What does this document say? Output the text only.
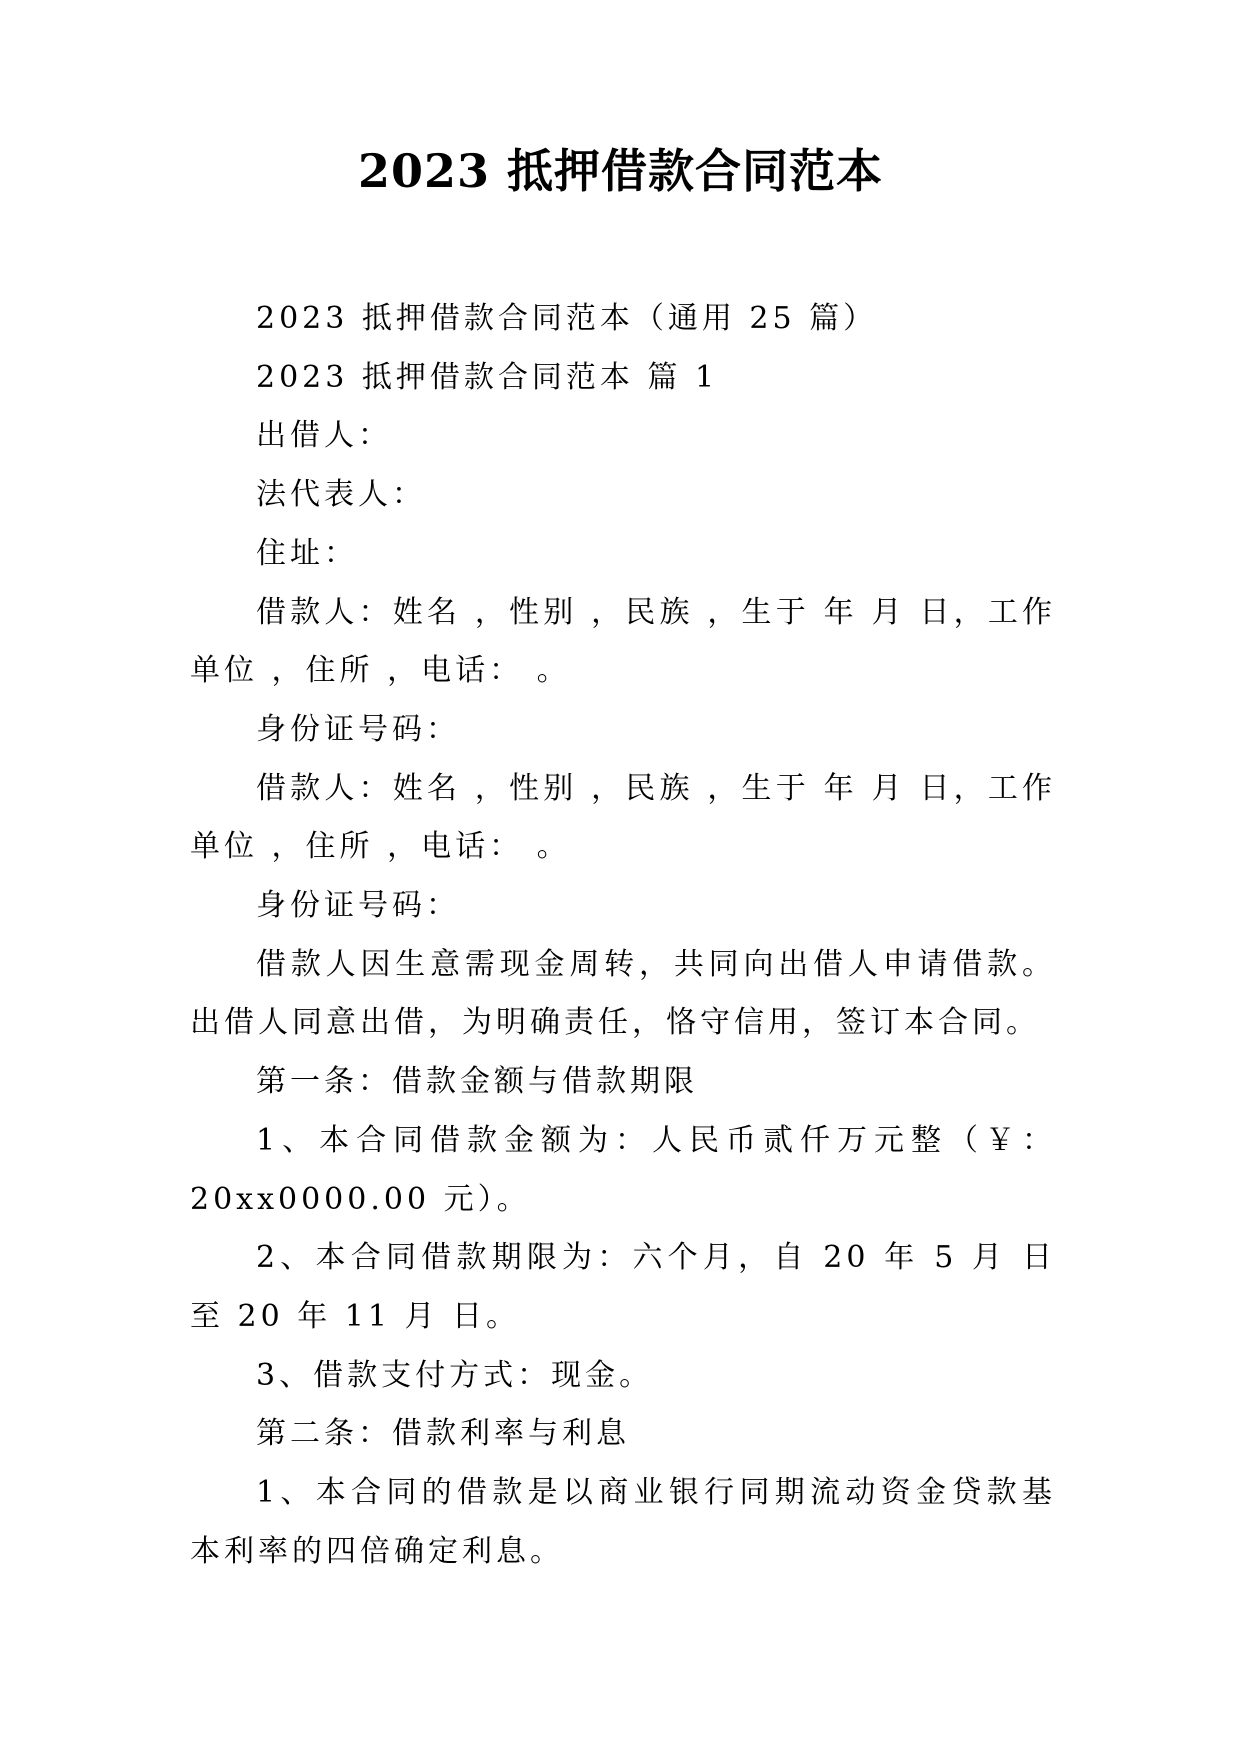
2023 抵押借款合同范本

2023 抵押借款合同范本（通用 25 篇）

2023 抵押借款合同范本 篇 1

出借人：

法代表人：

住址：

借款人：姓名 ，性别 ，民族 ，生于 年 月 日，工作单位 ，住所 ，电话： 。

身份证号码：

借款人：姓名 ，性别 ，民族 ，生于 年 月 日，工作单位 ，住所 ，电话： 。

身份证号码：

借款人因生意需现金周转，共同向出借人申请借款。出借人同意出借，为明确责任，恪守信用，签订本合同。

第一条：借款金额与借款期限

1、本合同借款金额为：人民币贰仟万元整（￥：20xx0000.00 元）。

2、本合同借款期限为：六个月，自 20 年 5 月 日至 20 年 11 月 日。

3、借款支付方式：现金。

第二条：借款利率与利息

1、本合同的借款是以商业银行同期流动资金贷款基本利率的四倍确定利息。
